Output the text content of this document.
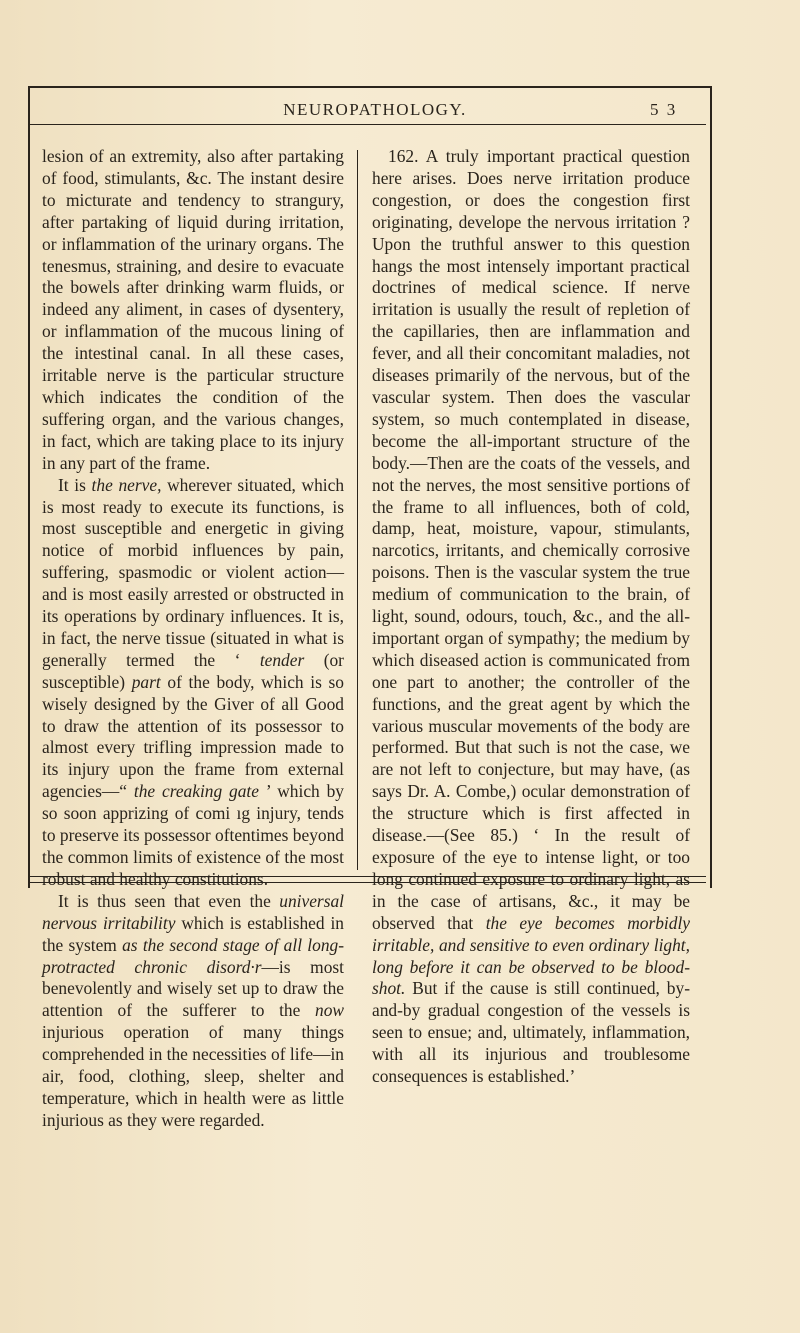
NEUROPATHOLOGY.	5 3

lesion of an extremity, also after partaking of food, stimulants, &c. The instant desire to micturate and tendency to strangury, after partaking of liquid during irritation, or inflammation of the urinary organs. The tenesmus, straining, and desire to evacuate the bowels after drinking warm fluids, or indeed any aliment, in cases of dysentery, or inflammation of the mucous lining of the intestinal canal. In all these cases, irritable nerve is the particular structure which indicates the condition of the suffering organ, and the various changes, in fact, which are taking place to its injury in any part of the frame.

It is the nerve, wherever situated, which is most ready to execute its functions, is most susceptible and energetic in giving notice of morbid influences by pain, suffering, spasmodic or violent action—and is most easily arrested or obstructed in its operations by ordinary influences. It is, in fact, the nerve tissue (situated in what is generally termed the ‘ tender (or susceptible) part of the body, which is so wisely designed by the Giver of all Good to draw the attention of its possessor to almost every trifling impression made to its injury upon the frame from external agencies—“ the creaking gate ’ which by so soon apprizing of comi ıg injury, tends to preserve its possessor oftentimes beyond the common limits of existence of the most robust and healthy constitutions.

It is thus seen that even the universal nervous irritability which is established in the system as the second stage of all long-protracted chronic disord·r—is most benevolently and wisely set up to draw the attention of the sufferer to the now injurious operation of many things comprehended in the necessities of life—in air, food, clothing, sleep, shelter and temperature, which in health were as little injurious as they were regarded.

162. A truly important practical question here arises. Does nerve irritation produce congestion, or does the congestion first originating, develope the nervous irritation ? Upon the truthful answer to this question hangs the most intensely important practical doctrines of medical science. If nerve irritation is usually the result of repletion of the capillaries, then are inflammation and fever, and all their concomitant maladies, not diseases primarily of the nervous, but of the vascular system. Then does the vascular system, so much contemplated in disease, become the all-important structure of the body.—Then are the coats of the vessels, and not the nerves, the most sensitive portions of the frame to all influences, both of cold, damp, heat, moisture, vapour, stimulants, narcotics, irritants, and chemically corrosive poisons. Then is the vascular system the true medium of communication to the brain, of light, sound, odours, touch, &c., and the all-important organ of sympathy; the medium by which diseased action is communicated from one part to another; the controller of the functions, and the great agent by which the various muscular movements of the body are performed. But that such is not the case, we are not left to conjecture, but may have, (as says Dr. A. Combe,) ocular demonstration of the structure which is first affected in disease.—(See 85.) ‘ In the result of exposure of the eye to intense light, or too long continued exposure to ordinary light, as in the case of artisans, &c., it may be observed that the eye becomes morbidly irritable, and sensitive to even ordinary light, long before it can be observed to be blood-shot. But if the cause is still continued, by-and-by gradual congestion of the vessels is seen to ensue; and, ultimately, inflammation, with all its injurious and troublesome consequences is established.’
